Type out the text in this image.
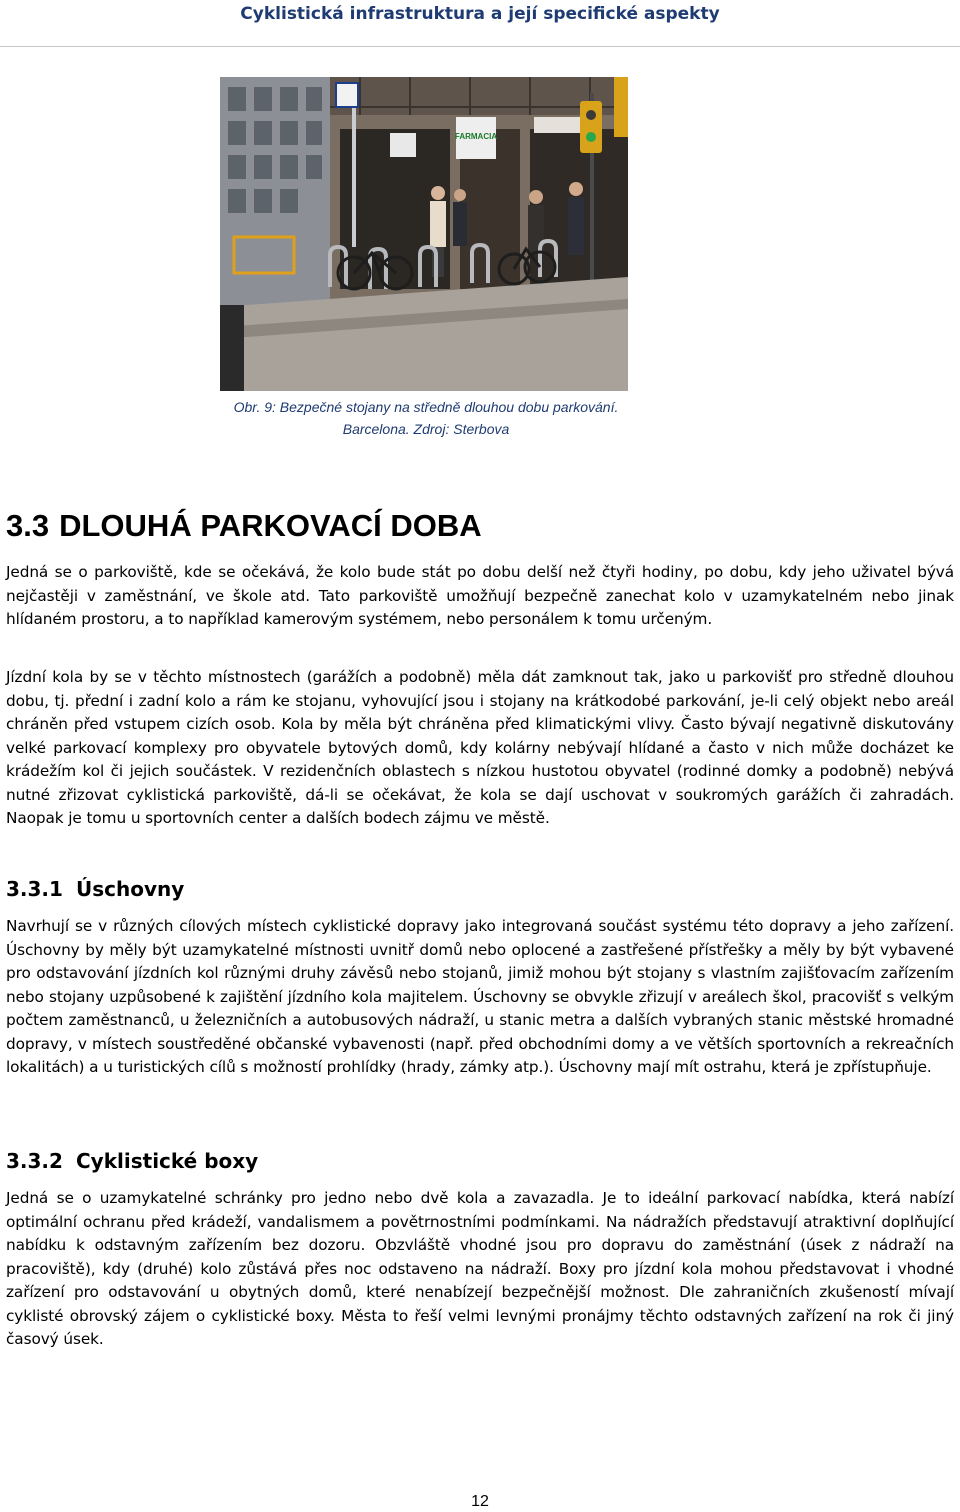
Cyklistická infrastruktura a její specifické aspekty
FARMACIA
Obr. 9: Bezpečné stojany na středně dlouhou dobu parkování.
Barcelona. Zdroj: Sterbova
3.3 DLOUHÁ PARKOVACÍ DOBA
Jedná se o parkoviště, kde se očekává, že kolo bude stát po dobu delší než čtyři hodiny, po dobu, kdy jeho uživatel bývá nejčastěji v zaměstnání, ve škole atd. Tato parkoviště umožňují bezpečně zanechat kolo v uzamykatelném nebo jinak hlídaném prostoru, a to například kamerovým systémem, nebo personálem k tomu určeným.
Jízdní kola by se v těchto místnostech (garážích a podobně) měla dát zamknout tak, jako u parkovišť pro středně dlouhou dobu, tj. přední i zadní kolo a rám ke stojanu, vyhovující jsou i stojany na krátkodobé parkování, je-li celý objekt nebo areál chráněn před vstupem cizích osob. Kola by měla být chráněna před klimatickými vlivy. Často bývají negativně diskutovány velké parkovací komplexy pro obyvatele bytových domů, kdy kolárny nebývají hlídané a často v nich může docházet ke krádežím kol či jejich součástek. V rezidenčních oblastech s nízkou hustotou obyvatel (rodinné domky a podobně) nebývá nutné zřizovat cyklistická parkoviště, dá-li se očekávat, že kola se dají uschovat v soukromých garážích či zahradách. Naopak je tomu u sportovních center a dalších bodech zájmu ve městě.
3.3.1 Úschovny
Navrhují se v různých cílových místech cyklistické dopravy jako integrovaná součást systému této dopravy a jeho zařízení. Úschovny by měly být uzamykatelné místnosti uvnitř domů nebo oplocené a zastřešené přístřešky a měly by být vybavené pro odstavování jízdních kol různými druhy závěsů nebo stojanů, jimiž mohou být stojany s vlastním zajišťovacím zařízením nebo stojany uzpůsobené k zajištění jízdního kola majitelem. Úschovny se obvykle zřizují v areálech škol, pracovišť s velkým počtem zaměstnanců, u železničních a autobusových nádraží, u stanic metra a dalších vybraných stanic městské hromadné dopravy, v místech soustředěné občanské vybavenosti (např. před obchodními domy a ve větších sportovních a rekreačních lokalitách) a u turistických cílů s možností prohlídky (hrady, zámky atp.). Úschovny mají mít ostrahu, která je zpřístupňuje.
3.3.2 Cyklistické boxy
Jedná se o uzamykatelné schránky pro jedno nebo dvě kola a zavazadla. Je to ideální parkovací nabídka, která nabízí optimální ochranu před krádeží, vandalismem a povětrnostními podmínkami. Na nádražích představují atraktivní doplňující nabídku k odstavným zařízením bez dozoru. Obzvláště vhodné jsou pro dopravu do zaměstnání (úsek z nádraží na pracoviště), kdy (druhé) kolo zůstává přes noc odstaveno na nádraží. Boxy pro jízdní kola mohou představovat i vhodné zařízení pro odstavování u obytných domů, které nenabízejí bezpečnější možnost. Dle zahraničních zkušeností mívají cyklisté obrovský zájem o cyklistické boxy. Města to řeší velmi levnými pronájmy těchto odstavných zařízení na rok či jiný časový úsek.
12
